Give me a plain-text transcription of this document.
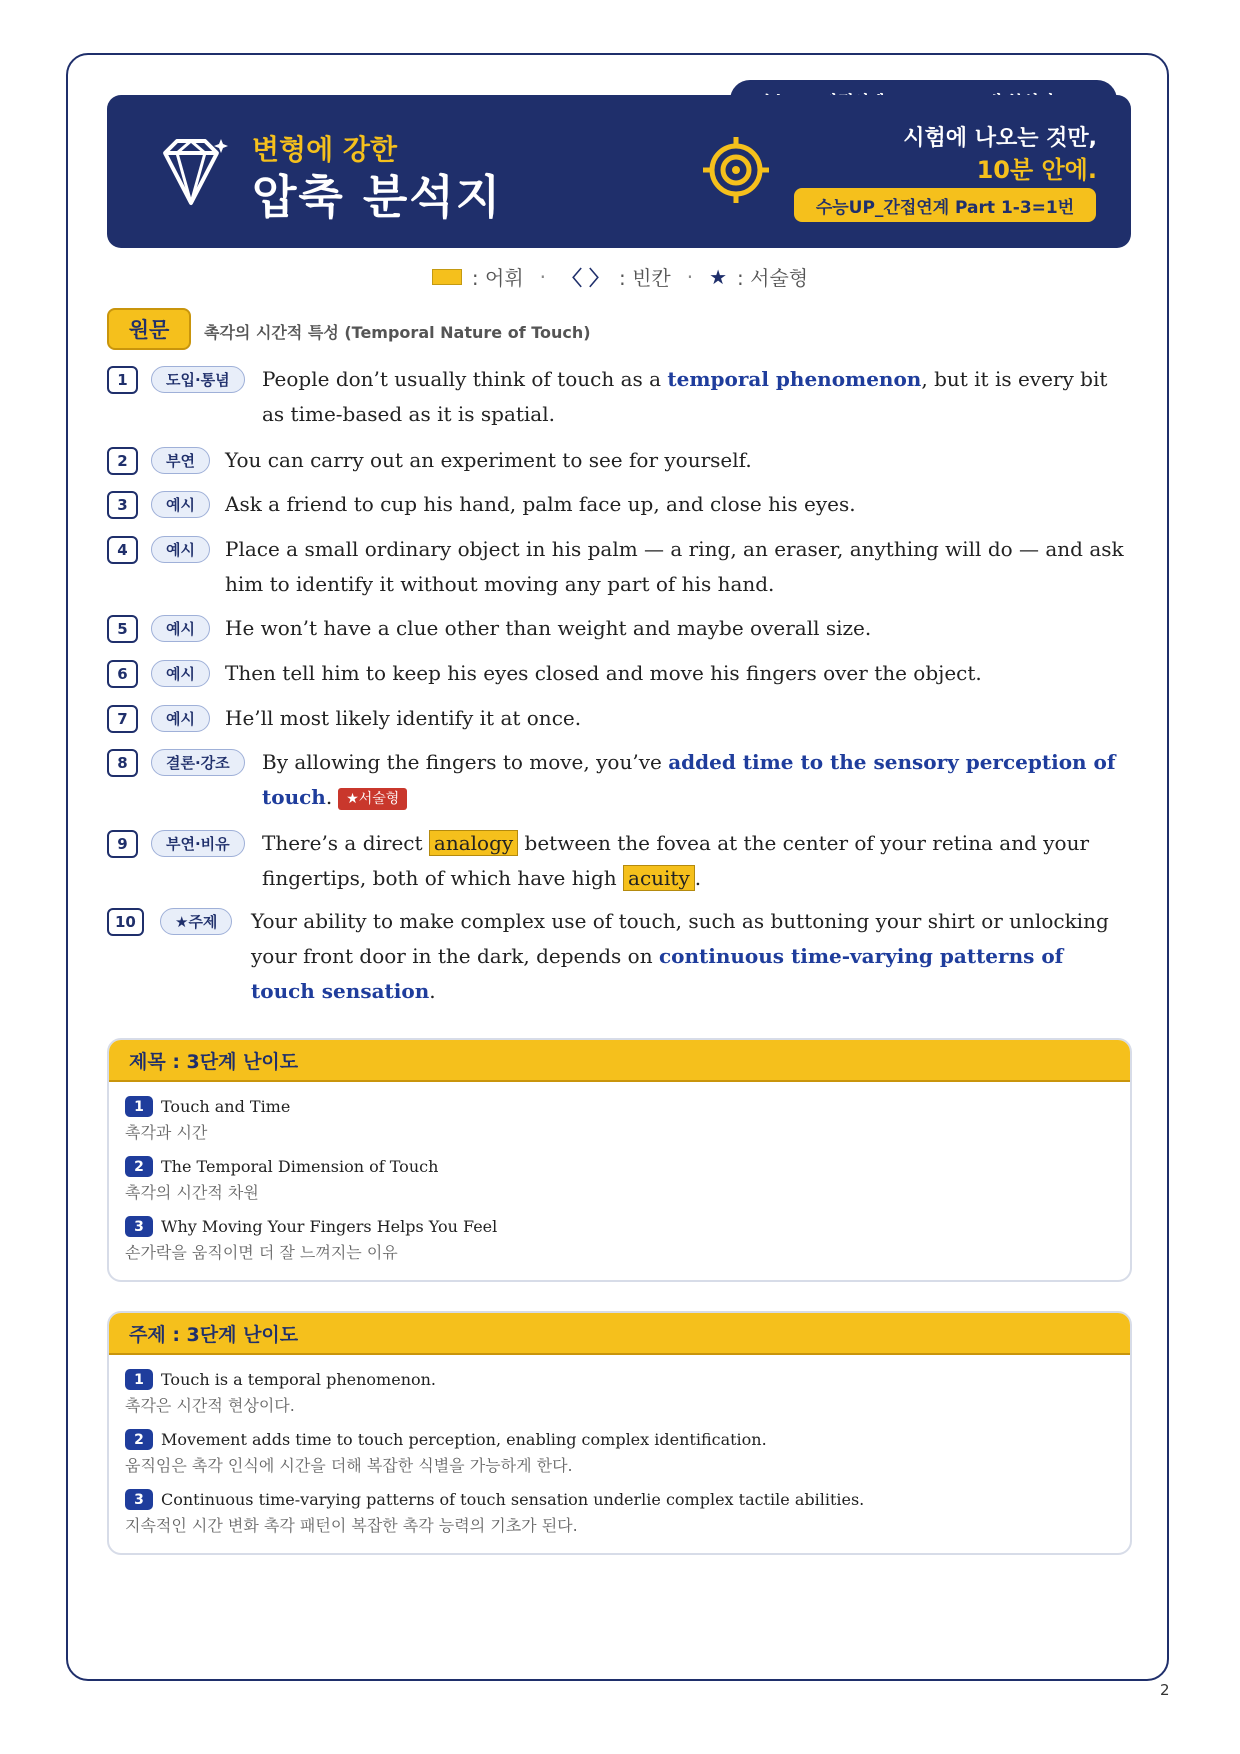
변형에 강한
압축 분석지
시험에 나오는 것만,
10분 안에.
수능UP_간접연계 Part 1-3=1번
: 어휘 · 〈 〉 : 빈칸 · ★ : 서술형
원문	촉각의 시간적 특성 (Temporal Nature of Touch)
1	도입·통념	People don’t usually think of touch as a temporal phenomenon, but it is every bit as time-based as it is spatial.
2	부연	You can carry out an experiment to see for yourself.
3	예시	Ask a friend to cup his hand, palm face up, and close his eyes.
4	예시	Place a small ordinary object in his palm — a ring, an eraser, anything will do — and ask him to identify it without moving any part of his hand.
5	예시	He won’t have a clue other than weight and maybe overall size.
6	예시	Then tell him to keep his eyes closed and move his fingers over the object.
7	예시	He’ll most likely identify it at once.
8	결론·강조	By allowing the fingers to move, you’ve added time to the sensory perception of touch. ★서술형
9	부연·비유	There’s a direct analogy between the fovea at the center of your retina and your fingertips, both of which have high acuity .
10	★주제	Your ability to make complex use of touch, such as buttoning your shirt or unlocking your front door in the dark, depends on continuous time-varying patterns of touch sensation.
제목 : 3단계 난이도
1	Touch and Time
촉각과 시간
2	The Temporal Dimension of Touch
촉각의 시간적 차원
3	Why Moving Your Fingers Helps You Feel
손가락을 움직이면 더 잘 느껴지는 이유
주제 : 3단계 난이도
1	Touch is a temporal phenomenon.
촉각은 시간적 현상이다.
2	Movement adds time to touch perception, enabling complex identification.
움직임은 촉각 인식에 시간을 더해 복잡한 식별을 가능하게 한다.
3	Continuous time-varying patterns of touch sensation underlie complex tactile abilities.
지속적인 시간 변화 촉각 패턴이 복잡한 촉각 능력의 기초가 된다.
2
